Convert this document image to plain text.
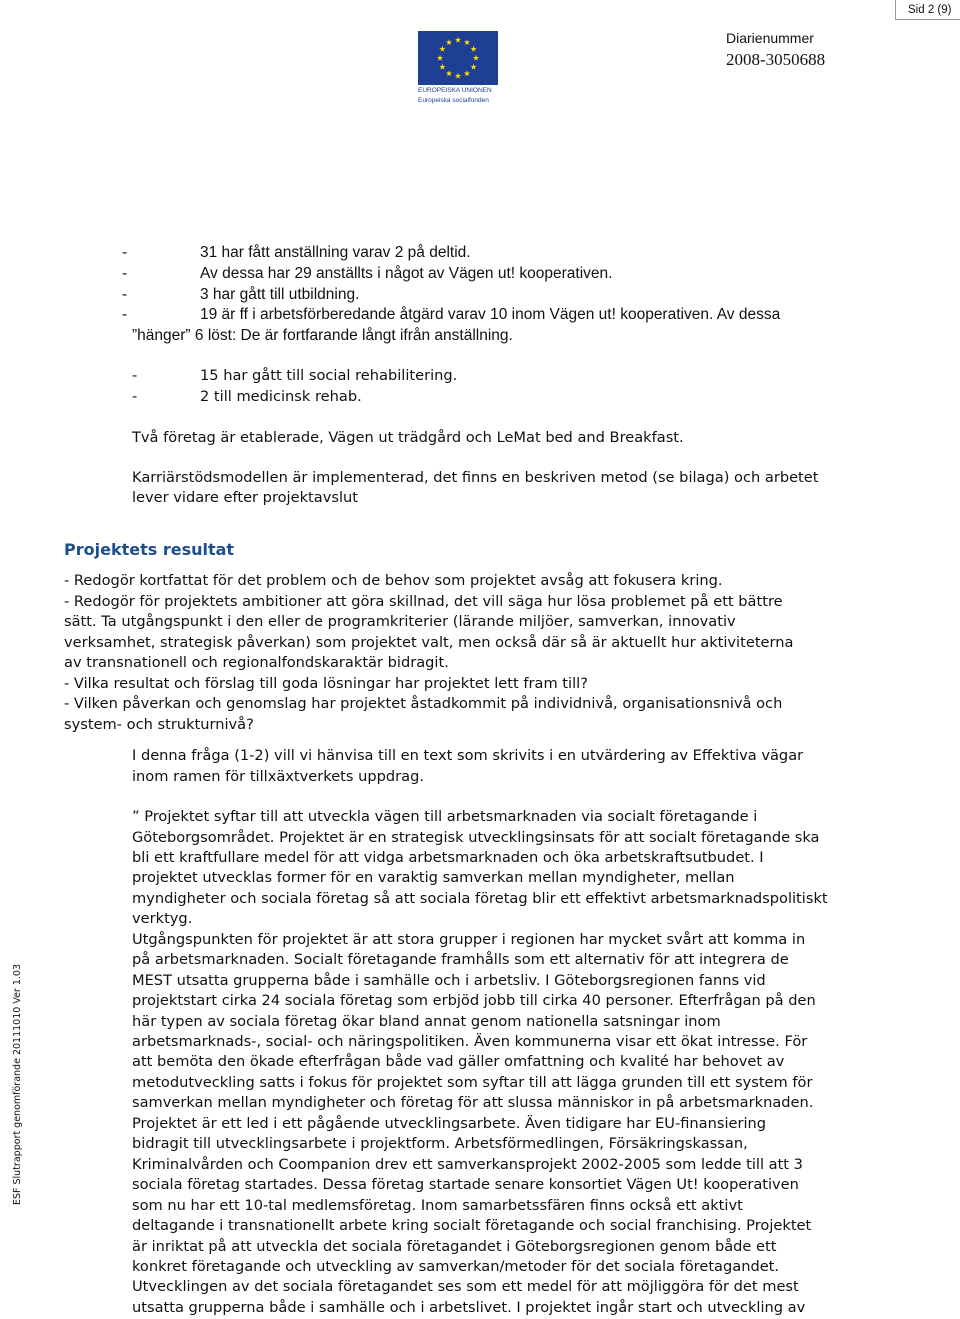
Sid 2 (9)
EUROPEISKA UNIONEN
Europeiska socialfonden
Diarienummer
2008-3050688
ESF Slutrapport genomförande 20111010 Ver 1.03
-	31 har fått anställning varav 2 på deltid.
-	Av dessa har 29 anställts i något av Vägen ut! kooperativen.
-	3 har gått till utbildning.
-	19 är ff i arbetsförberedande åtgärd varav 10 inom Vägen ut! kooperativen. Av dessa
”hänger” 6 löst: De är fortfarande långt ifrån anställning.
-	15 har gått till social rehabilitering.
-	2 till medicinsk rehab.
Två företag är etablerade, Vägen ut trädgård och LeMat bed and Breakfast.
Karriärstödsmodellen är implementerad, det finns en beskriven metod (se bilaga) och arbetet
lever vidare efter projektavslut
Projektets resultat
- Redogör kortfattat för det problem och de behov som projektet avsåg att fokusera kring.
- Redogör för projektets ambitioner att göra skillnad, det vill säga hur lösa problemet på ett bättre
sätt. Ta utgångspunkt i den eller de programkriterier (lärande miljöer, samverkan, innovativ
verksamhet, strategisk påverkan) som projektet valt, men också där så är aktuellt hur aktiviteterna
av transnationell och regionalfondskaraktär bidragit.
- Vilka resultat och förslag till goda lösningar har projektet lett fram till?
- Vilken påverkan och genomslag har projektet åstadkommit på individnivå, organisationsnivå och
system- och strukturnivå?
I denna fråga (1-2) vill vi hänvisa till en text som skrivits i en utvärdering av Effektiva vägar
inom ramen för tillxäxtverkets uppdrag.
” Projektet syftar till att utveckla vägen till arbetsmarknaden via socialt företagande i
Göteborgsområdet. Projektet är en strategisk utvecklingsinsats för att socialt företagande ska
bli ett kraftfullare medel för att vidga arbetsmarknaden och öka arbetskraftsutbudet. I
projektet utvecklas former för en varaktig samverkan mellan myndigheter, mellan
myndigheter och sociala företag så att sociala företag blir ett effektivt arbetsmarknadspolitiskt
verktyg.
Utgångspunkten för projektet är att stora grupper i regionen har mycket svårt att komma in
på arbetsmarknaden. Socialt företagande framhålls som ett alternativ för att integrera de
MEST utsatta grupperna både i samhälle och i arbetsliv. I Göteborgsregionen fanns vid
projektstart cirka 24 sociala företag som erbjöd jobb till cirka 40 personer. Efterfrågan på den
här typen av sociala företag ökar bland annat genom nationella satsningar inom
arbetsmarknads-, social- och näringspolitiken. Även kommunerna visar ett ökat intresse. För
att bemöta den ökade efterfrågan både vad gäller omfattning och kvalité har behovet av
metodutveckling satts i fokus för projektet som syftar till att lägga grunden till ett system för
samverkan mellan myndigheter och företag för att slussa människor in på arbetsmarknaden.
Projektet är ett led i ett pågående utvecklingsarbete. Även tidigare har EU-finansiering
bidragit till utvecklingsarbete i projektform. Arbetsförmedlingen, Försäkringskassan,
Kriminalvården och Coompanion drev ett samverkansprojekt 2002-2005 som ledde till att 3
sociala företag startades. Dessa företag startade senare konsortiet Vägen Ut! kooperativen
som nu har ett 10-tal medlemsföretag. Inom samarbetssfären finns också ett aktivt
deltagande i transnationellt arbete kring socialt företagande och social franchising. Projektet
är inriktat på att utveckla det sociala företagandet i Göteborgsregionen genom både ett
konkret företagande och utveckling av samverkan/metoder för det sociala företagandet.
Utvecklingen av det sociala företagandet ses som ett medel för att möjliggöra för det mest
utsatta grupperna både i samhälle och i arbetslivet. I projektet ingår start och utveckling av
